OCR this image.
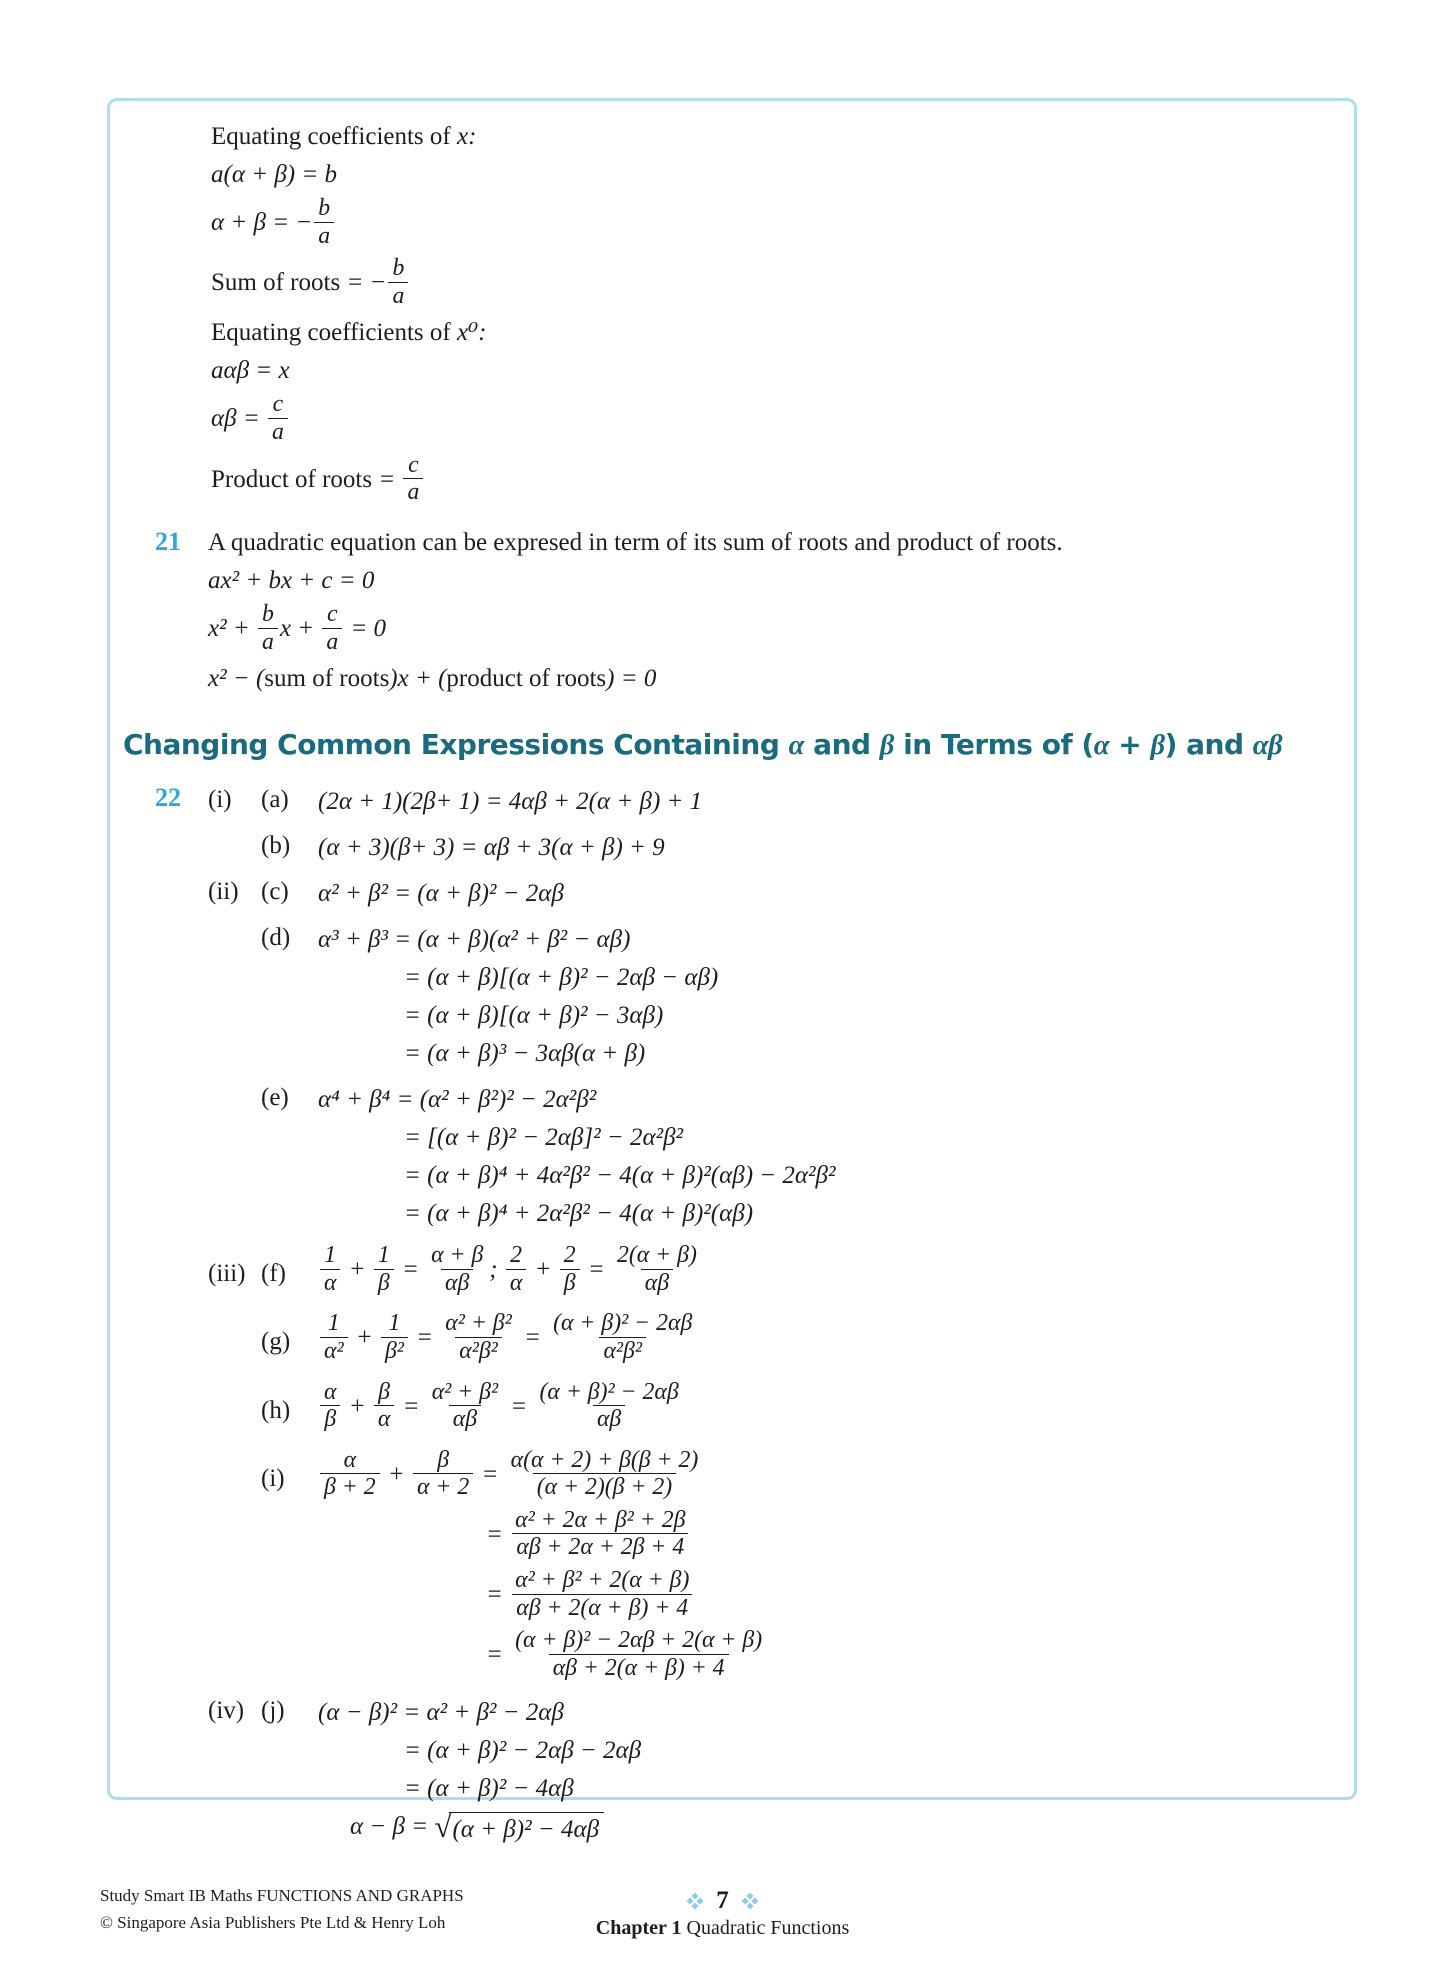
Equating coefficients of x:
a(α + β) = b
α + β = − $\frac{b}{a}$
Sum of roots = − $\frac{b}{a}$
Equating coefficients of x⁰:
aαβ = x
$\alpha\beta = \frac{c}{a}$
Product of roots = $\frac{c}{a}$
21	A quadratic equation can be expresed in term of its sum of roots and product of roots.
ax² + bx + c = 0
$x^2 + \frac{b}{a}$ $x + \frac{c}{a} = 0$
x² − (sum of roots)x + (product of roots) = 0
Changing Common Expressions Containing α and β in Terms of (α + β) and αβ
22	(i)	(a)	(2α + 1)(2β+ 1) = 4αβ + 2(α + β) + 1
(b)	(α + 3)(β+ 3) = αβ + 3(α + β) + 9
(ii) (c)	α² + β² = (α + β)² − 2αβ
(d)	α³ + β³ = (α + β)(α² + β² − αβ)
= (α + β)[(α + β)² − 2αβ − αβ)
= (α + β)[(α + β)² − 3αβ)
= (α + β)³ − 3αβ(α + β)
(e)	α⁴ + β⁴ = (α² + β²)² − 2α²β²
= [(α + β)² − 2αβ]² − 2α²β²
= (α + β)⁴ + 4α²β² − 4(α + β)²(αβ) − 2α²β²
= (α + β)⁴ + 2α²β² − 4(α + β)²(αβ)
(iii) (f)	$\frac{1}{\alpha} + \frac{1}{\beta} = \frac{\alpha + \beta}{\alpha\beta}$ ; $\frac{2}{\alpha} + \frac{2}{\beta} = \frac{2(\alpha + \beta)}{\alpha\beta}$
(g)	$\frac{1}{\text{α²}} + \frac{1}{\text{β²}} = \frac{\text{α² + β²}}{\text{α²β²}} = \frac{\text{(α + β)² − 2αβ}}{\text{α²β²}}$
(h)	$\frac{\alpha}{\beta} + \frac{\beta}{\alpha} = \frac{\text{α² + β²}}{\alpha\beta} = \frac{\text{(α + β)² − 2αβ}}{\alpha\beta}$
(i)	$\frac{\alpha}{\beta + 2} + \frac{\beta}{\alpha + 2} = \frac{\alpha(\alpha + 2) + \beta(\beta + 2)}{(\alpha + 2)(\beta + 2)}$
= $\frac{\text{α² + 2α + β² + 2β}}{\alpha\beta + 2\alpha + 2\beta + 4}$
= $\frac{\text{α² + β² + 2(α + β)}}{\alpha\beta + 2(\alpha + \beta) + 4}$
= $\frac{\text{(α + β)² − 2αβ + 2(α + β)}}{\alpha\beta + 2(\alpha + \beta) + 4}$
(iv) (j)	(α − β)² = α² + β² − 2αβ
= (α + β)² − 2αβ − 2αβ
= (α + β)² − 4αβ
α − β = √ (α + β)² − 4αβ
Study Smart IB Maths FUNCTIONS AND GRAPHS
© Singapore Asia Publishers Pte Ltd & Henry Loh
7
Chapter 1 Quadratic Functions
